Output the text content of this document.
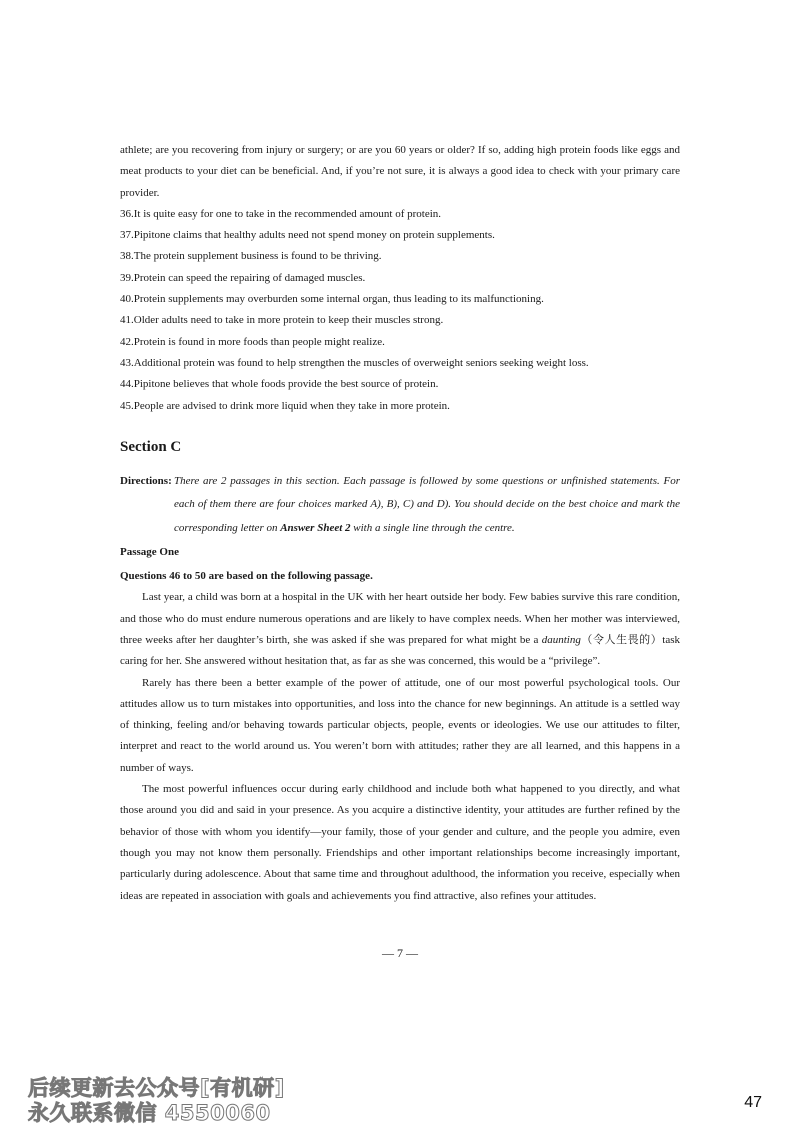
athlete; are you recovering from injury or surgery; or are you 60 years or older? If so, adding high protein foods like eggs and meat products to your diet can be beneficial. And, if you’re not sure, it is always a good idea to check with your primary care provider.

36.It is quite easy for one to take in the recommended amount of protein.

37.Pipitone claims that healthy adults need not spend money on protein supplements.

38.The protein supplement business is found to be thriving.

39.Protein can speed the repairing of damaged muscles.

40.Protein supplements may overburden some internal organ, thus leading to its malfunctioning.

41.Older adults need to take in more protein to keep their muscles strong.

42.Protein is found in more foods than people might realize.

43.Additional protein was found to help strengthen the muscles of overweight seniors seeking weight loss.

44.Pipitone believes that whole foods provide the best source of protein.

45.People are advised to drink more liquid when they take in more protein.

Section C
Directions: There are 2 passages in this section. Each passage is followed by some questions or unfinished statements. For each of them there are four choices marked A), B), C) and D). You should decide on the best choice and mark the corresponding letter on Answer Sheet 2 with a single line through the centre.
Passage One
Questions 46 to 50 are based on the following passage.

Last year, a child was born at a hospital in the UK with her heart outside her body. Few babies survive this rare condition, and those who do must endure numerous operations and are likely to have complex needs. When her mother was interviewed, three weeks after her daughter’s birth, she was asked if she was prepared for what might be a daunting（令人生畏的）task caring for her. She answered without hesitation that, as far as she was concerned, this would be a “privilege”.

Rarely has there been a better example of the power of attitude, one of our most powerful psychological tools. Our attitudes allow us to turn mistakes into opportunities, and loss into the chance for new beginnings. An attitude is a settled way of thinking, feeling and/or behaving towards particular objects, people, events or ideologies. We use our attitudes to filter, interpret and react to the world around us. You weren’t born with attitudes; rather they are all learned, and this happens in a number of ways.

The most powerful influences occur during early childhood and include both what happened to you directly, and what those around you did and said in your presence. As you acquire a distinctive identity, your attitudes are further refined by the behavior of those with whom you identify—your family, those of your gender and culture, and the people you admire, even though you may not know them personally. Friendships and other important relationships become increasingly important, particularly during adolescence. About that same time and throughout adulthood, the information you receive, especially when ideas are repeated in association with goals and achievements you find attractive, also refines your attitudes.

— 7 —
后续更新去公众号[有机研]
永久联系微信 4550060	47
